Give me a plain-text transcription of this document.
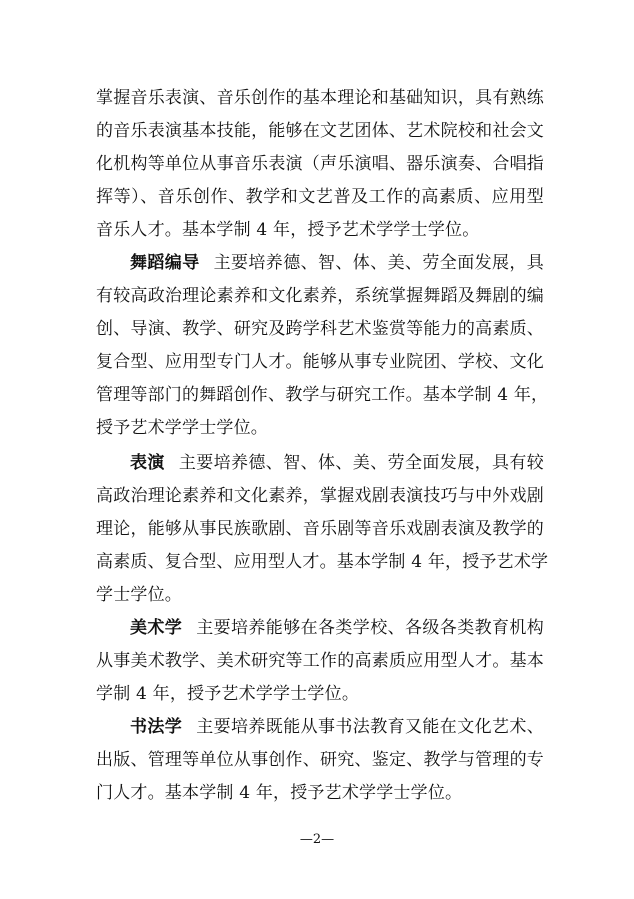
掌握音乐表演、音乐创作的基本理论和基础知识，具有熟练
的音乐表演基本技能，能够在文艺团体、艺术院校和社会文
化机构等单位从事音乐表演（声乐演唱、器乐演奏、合唱指
挥等）、音乐创作、教学和文艺普及工作的高素质、应用型
音乐人才。基本学制 4 年，授予艺术学学士学位。
舞蹈编导 主要培养德、智、体、美、劳全面发展，具
有较高政治理论素养和文化素养，系统掌握舞蹈及舞剧的编
创、导演、教学、研究及跨学科艺术鉴赏等能力的高素质、
复合型、应用型专门人才。能够从事专业院团、学校、文化
管理等部门的舞蹈创作、教学与研究工作。基本学制 4 年，
授予艺术学学士学位。
表演 主要培养德、智、体、美、劳全面发展，具有较
高政治理论素养和文化素养，掌握戏剧表演技巧与中外戏剧
理论，能够从事民族歌剧、音乐剧等音乐戏剧表演及教学的
高素质、复合型、应用型人才。基本学制 4 年，授予艺术学
学士学位。
美术学 主要培养能够在各类学校、各级各类教育机构
从事美术教学、美术研究等工作的高素质应用型人才。基本
学制 4 年，授予艺术学学士学位。
书法学 主要培养既能从事书法教育又能在文化艺术、
出版、管理等单位从事创作、研究、鉴定、教学与管理的专
门人才。基本学制 4 年，授予艺术学学士学位。
—2—
